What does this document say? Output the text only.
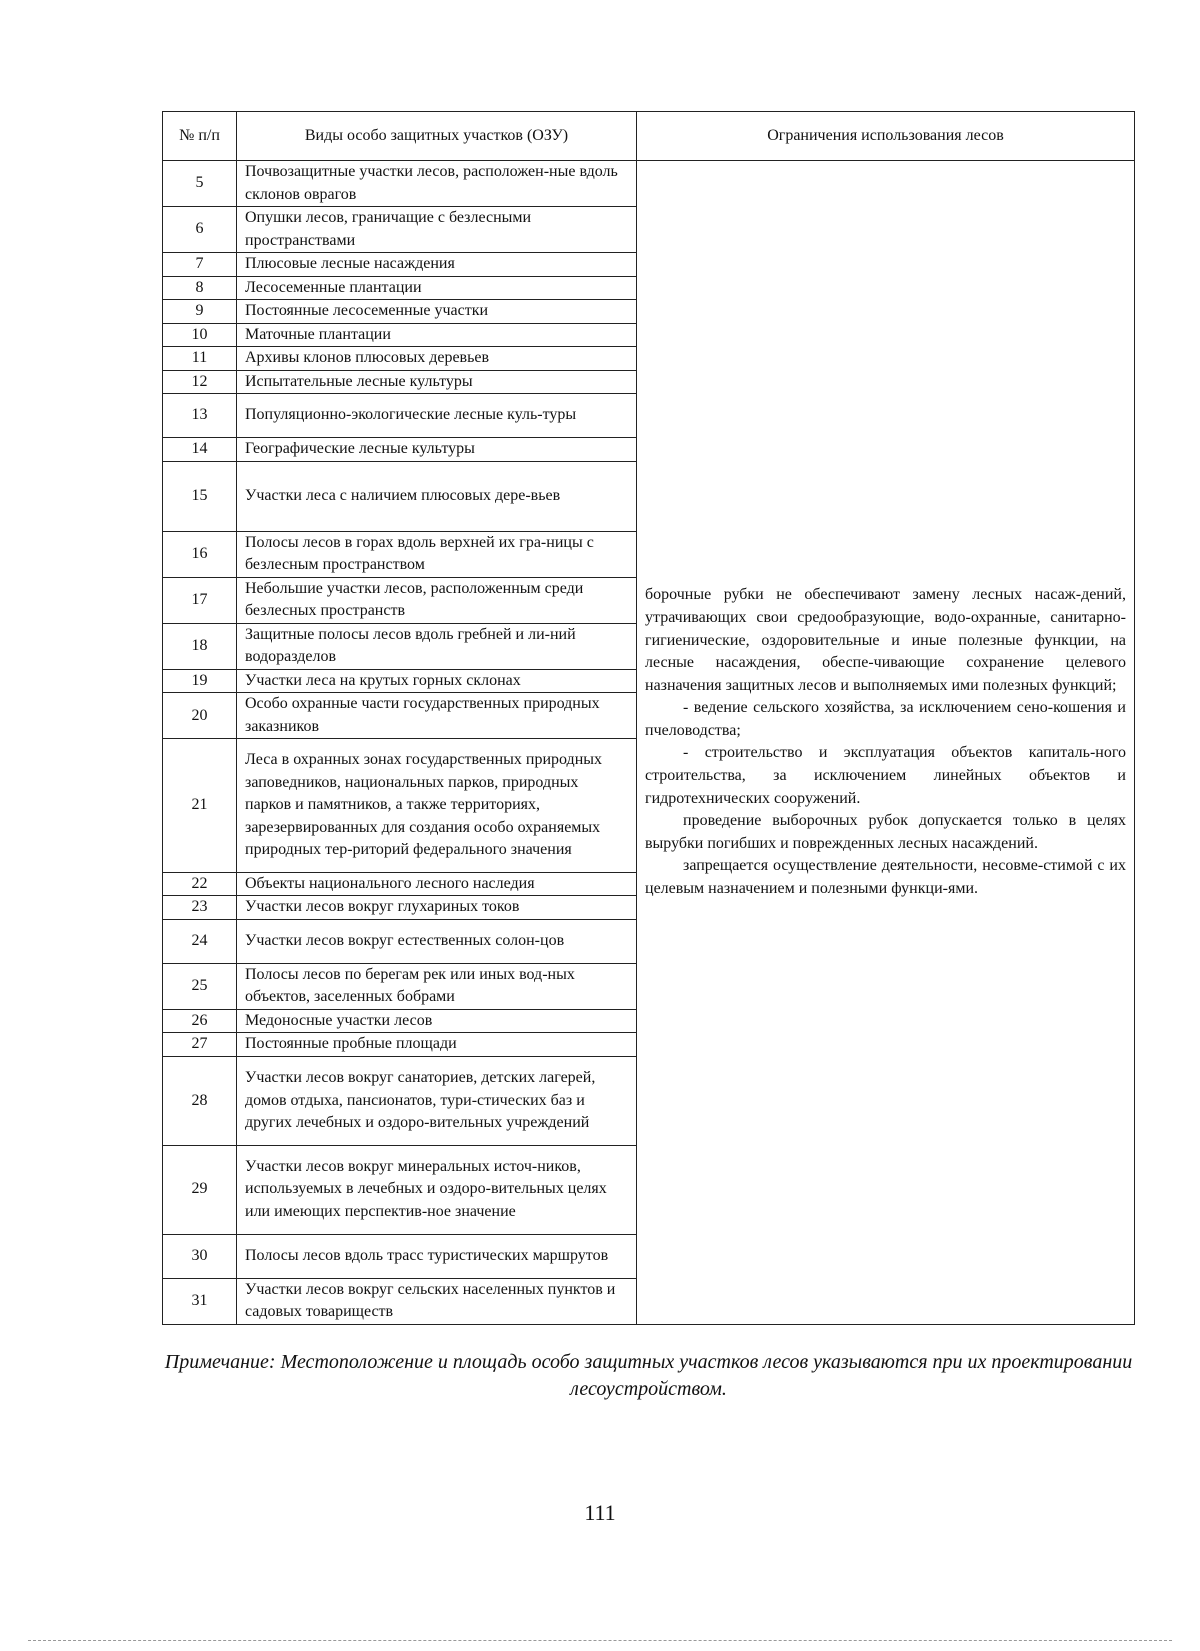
№ п/п	Виды особо защитных участков (ОЗУ)	Ограничения использования лесов
5	Почвозащитные участки лесов, расположен-ные вдоль склонов оврагов	борочные рубки не обеспечивают замену лесных насаж-дений, утрачивающих свои средообразующие, водо-охранные, санитарно-гигиенические, оздоровительные и иные полезные функции, на лесные насаждения, обеспе-чивающие сохранение целевого назначения защитных лесов и выполняемых ими полезных функций;

- ведение сельского хозяйства, за исключением сено-кошения и пчеловодства;

- строительство и эксплуатация объектов капиталь-ного строительства, за исключением линейных объектов и гидротехнических сооружений.

проведение выборочных рубок допускается только в целях вырубки погибших и поврежденных лесных насаждений.

запрещается осуществление деятельности, несовме-стимой с их целевым назначением и полезными функци-ями.

6	Опушки лесов, граничащие с безлесными пространствами	
7	Плюсовые лесные насаждения	
8	Лесосеменные плантации	
9	Постоянные лесосеменные участки	
10	Маточные плантации	
11	Архивы клонов плюсовых деревьев	
12	Испытательные лесные культуры	
13	Популяционно-экологические лесные куль-туры	
14	Географические лесные культуры	
15	Участки леса с наличием плюсовых дере-вьев	
16	Полосы лесов в горах вдоль верхней их гра-ницы с безлесным пространством	
17	Небольшие участки лесов, расположенным среди безлесных пространств	
18	Защитные полосы лесов вдоль гребней и ли-ний водоразделов	
19	Участки леса на крутых горных склонах	
20	Особо охранные части государственных природных заказников	
21	Леса в охранных зонах государственных природных заповедников, национальных парков, природных парков и памятников, а также территориях, зарезервированных для создания особо охраняемых природных тер-риторий федерального значения	
22	Объекты национального лесного наследия	
23	Участки лесов вокруг глухариных токов	
24	Участки лесов вокруг естественных солон-цов	
25	Полосы лесов по берегам рек или иных вод-ных объектов, заселенных бобрами	
26	Медоносные участки лесов	
27	Постоянные пробные площади	
28	Участки лесов вокруг санаториев, детских лагерей, домов отдыха, пансионатов, тури-стических баз и других лечебных и оздоро-вительных учреждений	
29	Участки лесов вокруг минеральных источ-ников, используемых в лечебных и оздоро-вительных целях или имеющих перспектив-ное значение	
30	Полосы лесов вдоль трасс туристических маршрутов	
31	Участки лесов вокруг сельских населенных пунктов и садовых товариществ	
Примечание: Местоположение и площадь особо защитных участков лесов указываются при их проектировании лесоустройством.
111
